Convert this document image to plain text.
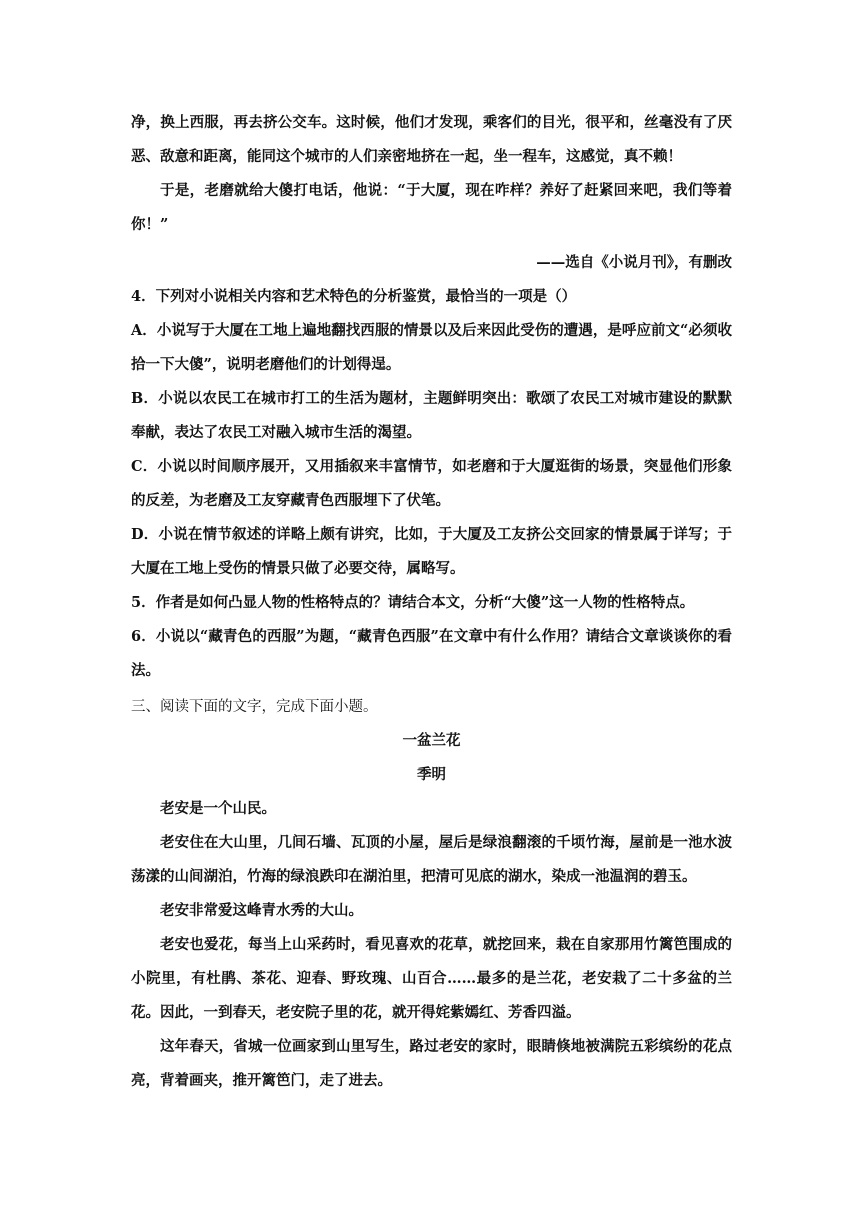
净，换上西服，再去挤公交车。这时候，他们才发现，乘客们的目光，很平和，丝毫没有了厌恶、敌意和距离，能同这个城市的人们亲密地挤在一起，坐一程车，这感觉，真不赖！

于是，老磨就给大傻打电话，他说：“于大厦，现在咋样？养好了赶紧回来吧，我们等着你！”

——选自《小说月刊》，有删改

4．下列对小说相关内容和艺术特色的分析鉴赏，最恰当的一项是（）

A．小说写于大厦在工地上遍地翻找西服的情景以及后来因此受伤的遭遇，是呼应前文“必须收拾一下大傻”，说明老磨他们的计划得逞。

B．小说以农民工在城市打工的生活为题材，主题鲜明突出：歌颂了农民工对城市建设的默默奉献，表达了农民工对融入城市生活的渴望。

C．小说以时间顺序展开，又用插叙来丰富情节，如老磨和于大厦逛街的场景，突显他们形象的反差，为老磨及工友穿藏青色西服埋下了伏笔。

D．小说在情节叙述的详略上颇有讲究，比如，于大厦及工友挤公交回家的情景属于详写；于大厦在工地上受伤的情景只做了必要交待，属略写。

5．作者是如何凸显人物的性格特点的？请结合本文，分析“大傻”这一人物的性格特点。

6．小说以“藏青色的西服”为题，“藏青色西服”在文章中有什么作用？请结合文章谈谈你的看法。

三、阅读下面的文字，完成下面小题。

一盆兰花

季明

老安是一个山民。

老安住在大山里，几间石墙、瓦顶的小屋，屋后是绿浪翻滚的千顷竹海，屋前是一池水波荡漾的山间湖泊，竹海的绿浪跌印在湖泊里，把清可见底的湖水，染成一池温润的碧玉。

老安非常爱这峰青水秀的大山。

老安也爱花，每当上山采药时，看见喜欢的花草，就挖回来，栽在自家那用竹篱笆围成的小院里，有杜鹃、茶花、迎春、野玫瑰、山百合……最多的是兰花，老安栽了二十多盆的兰花。因此，一到春天，老安院子里的花，就开得姹紫嫣红、芳香四溢。

这年春天，省城一位画家到山里写生，路过老安的家时，眼睛倏地被满院五彩缤纷的花点亮，背着画夹，推开篱笆门，走了进去。
